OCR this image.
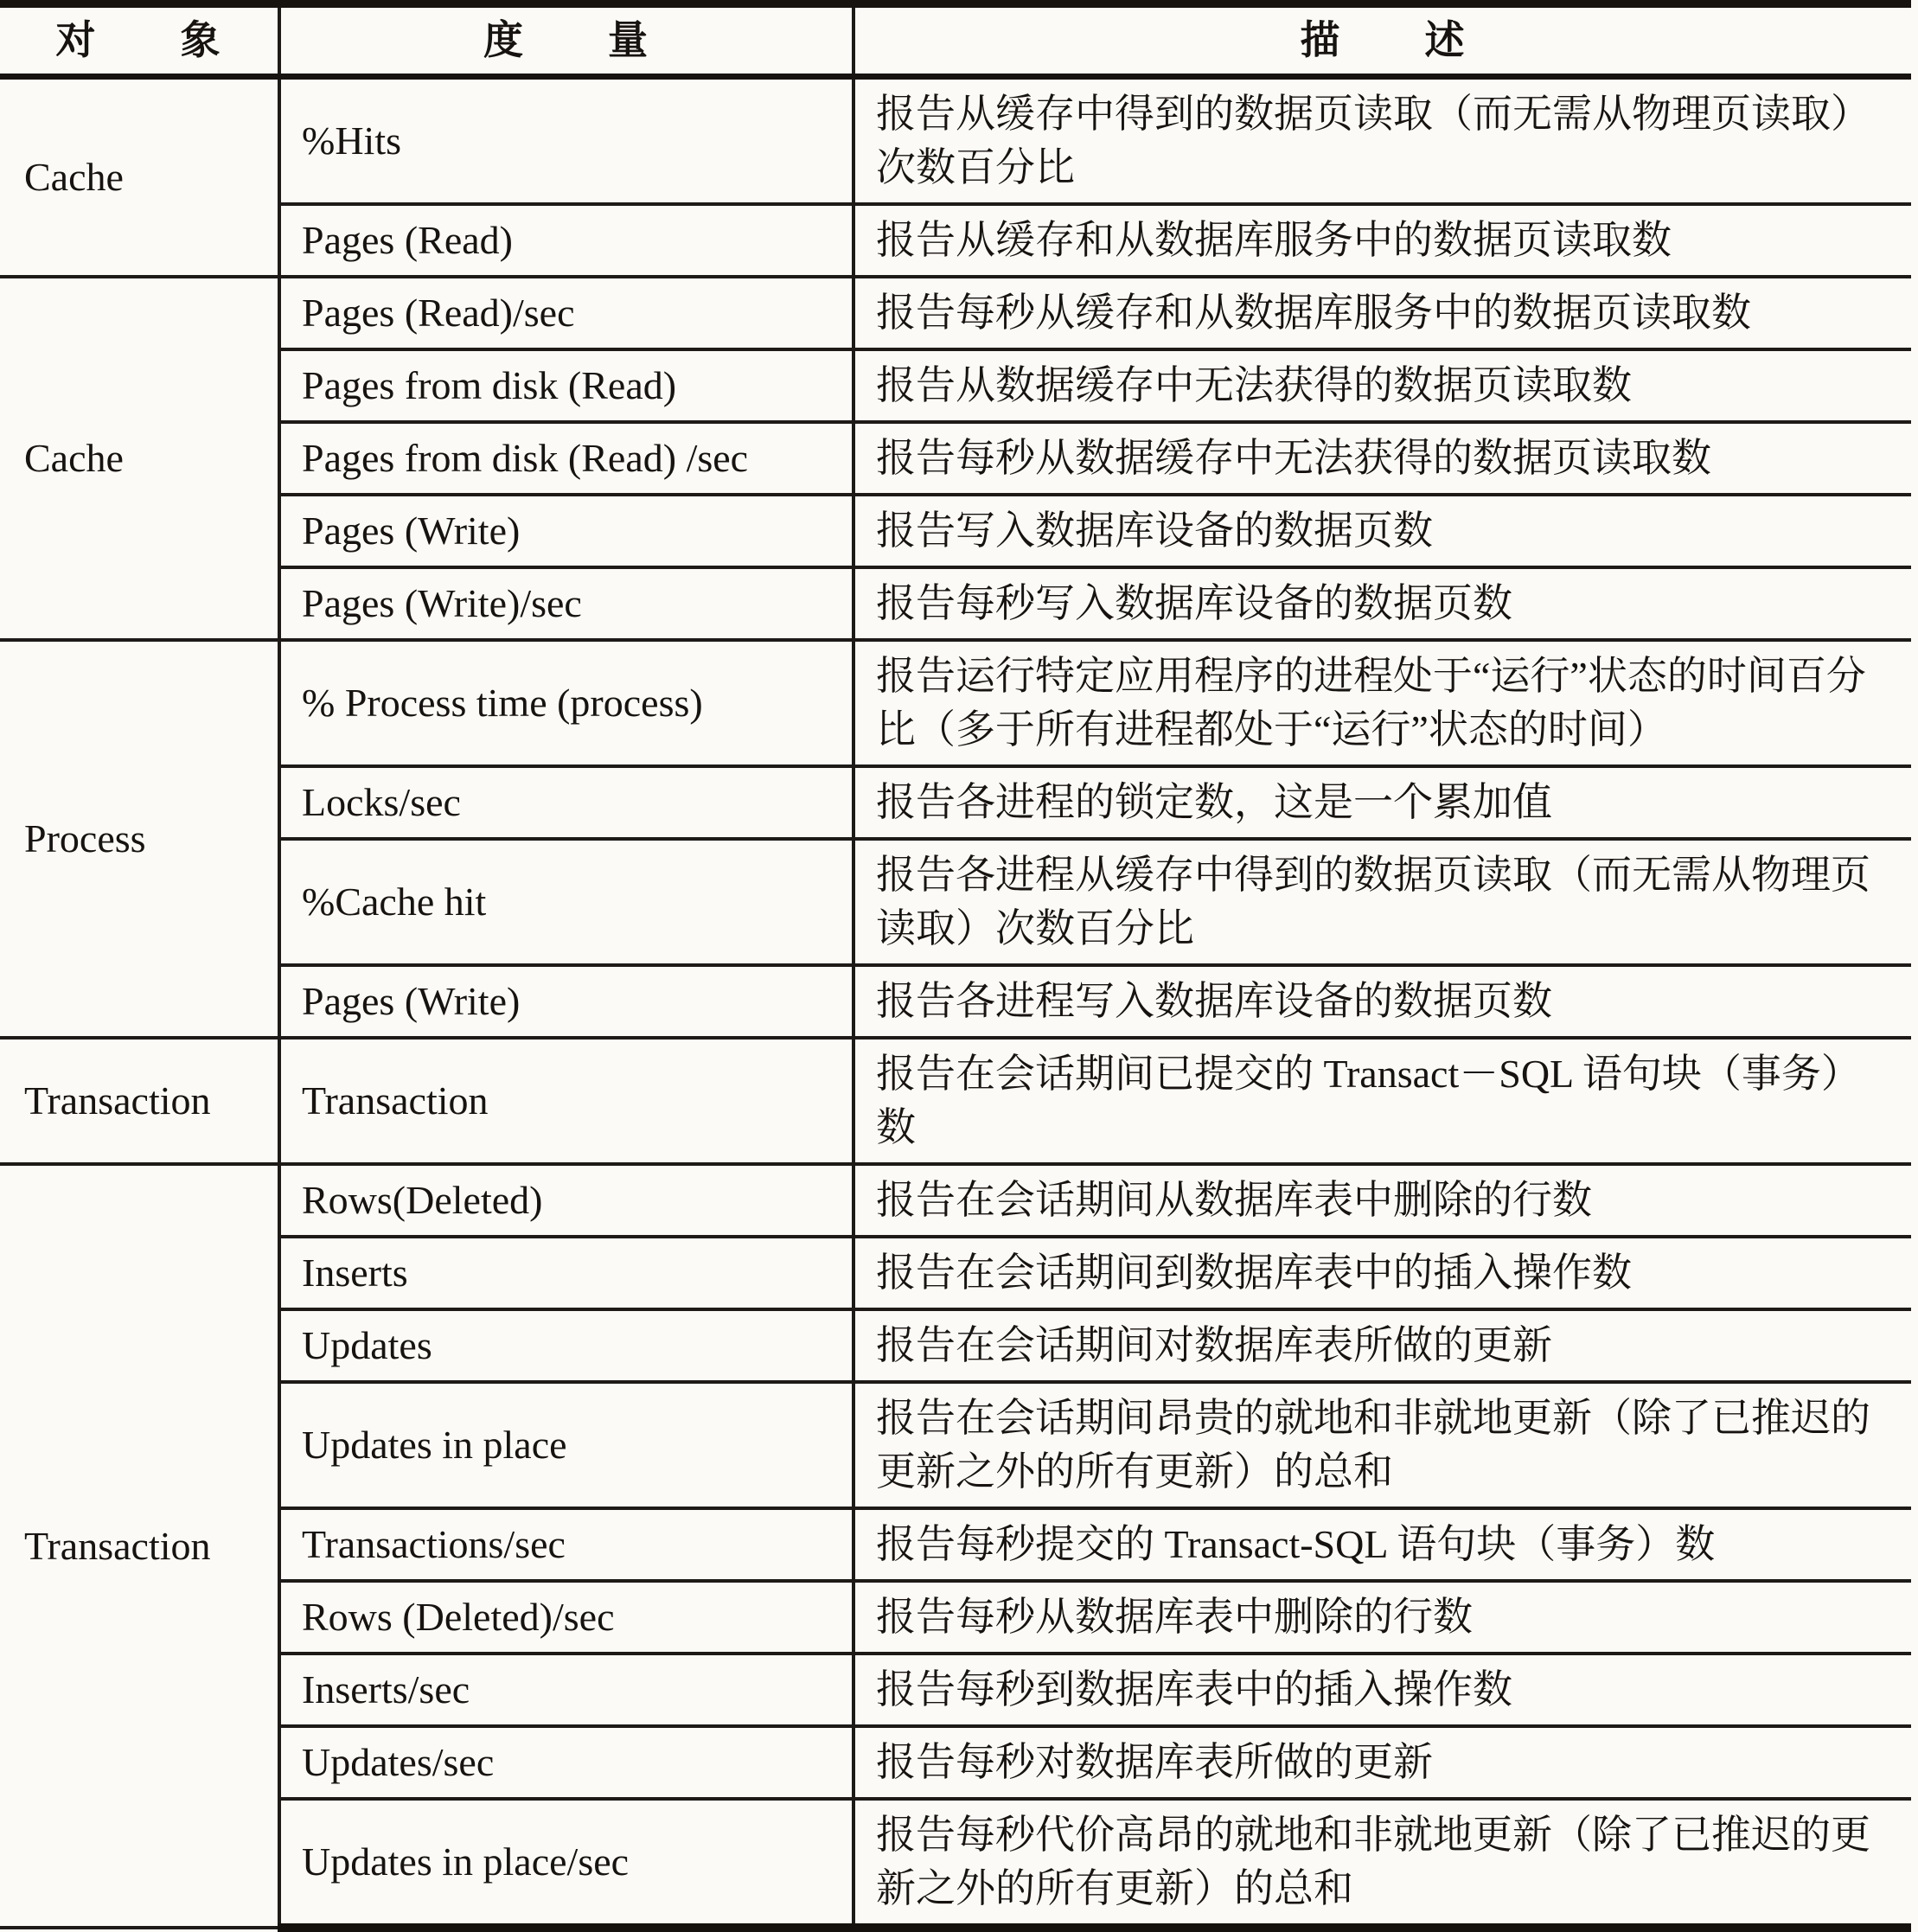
对　　象	度　　量	描　　述
Cache	%Hits	报告从缓存中得到的数据页读取（而无需从物理页读取）次数百分比
	Pages (Read)	报告从缓存和从数据库服务中的数据页读取数
Cache	Pages (Read)/sec	报告每秒从缓存和从数据库服务中的数据页读取数
	Pages from disk (Read)	报告从数据缓存中无法获得的数据页读取数
	Pages from disk (Read) /sec	报告每秒从数据缓存中无法获得的数据页读取数
	Pages (Write)	报告写入数据库设备的数据页数
	Pages (Write)/sec	报告每秒写入数据库设备的数据页数
Process	% Process time (process)	报告运行特定应用程序的进程处于“运行”状态的时间百分比（多于所有进程都处于“运行”状态的时间）
	Locks/sec	报告各进程的锁定数，这是一个累加值
	%Cache hit	报告各进程从缓存中得到的数据页读取（而无需从物理页读取）次数百分比
	Pages (Write)	报告各进程写入数据库设备的数据页数
Transaction	Transaction	报告在会话期间已提交的 Transact－SQL 语句块（事务）数
Transaction	Rows(Deleted)	报告在会话期间从数据库表中删除的行数
	Inserts	报告在会话期间到数据库表中的插入操作数
	Updates	报告在会话期间对数据库表所做的更新
	Updates in place	报告在会话期间昂贵的就地和非就地更新（除了已推迟的更新之外的所有更新）的总和
	Transactions/sec	报告每秒提交的 Transact-SQL 语句块（事务）数
	Rows (Deleted)/sec	报告每秒从数据库表中删除的行数
	Inserts/sec	报告每秒到数据库表中的插入操作数
	Updates/sec	报告每秒对数据库表所做的更新
	Updates in place/sec	报告每秒代价高昂的就地和非就地更新（除了已推迟的更新之外的所有更新）的总和
